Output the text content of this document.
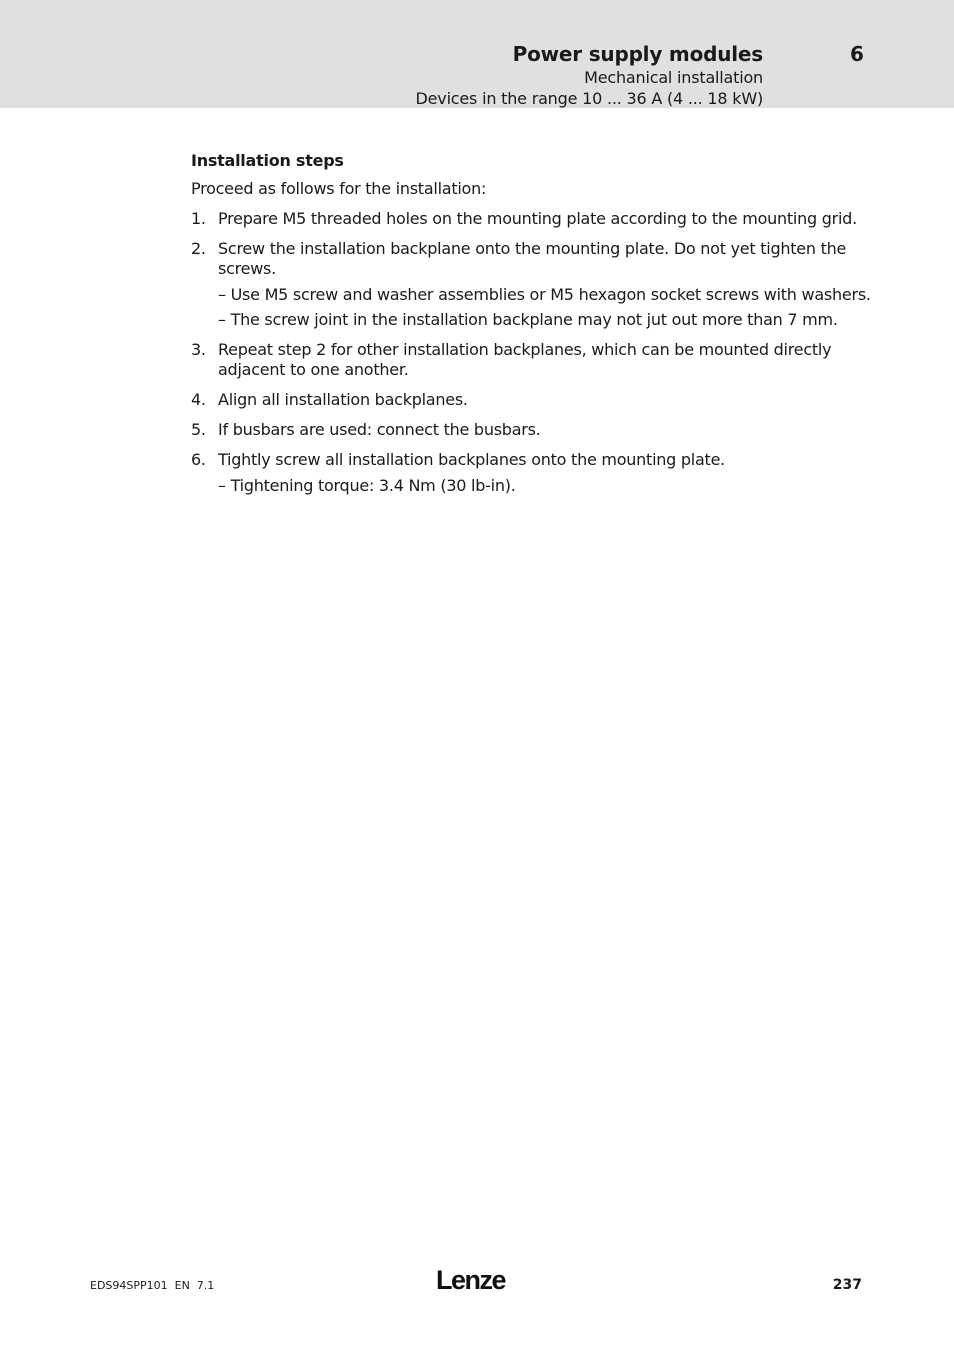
Power supply modules	6
Mechanical installation
Devices in the range 10 ... 36 A (4 ... 18 kW)
Installation steps
Proceed as follows for the installation:
1. Prepare M5 threaded holes on the mounting plate according to the mounting grid.
2. Screw the installation backplane onto the mounting plate. Do not yet tighten the screws.
– Use M5 screw and washer assemblies or M5 hexagon socket screws with washers.
– The screw joint in the installation backplane may not jut out more than 7 mm.
3. Repeat step 2 for other installation backplanes, which can be mounted directly adjacent to one another.
4. Align all installation backplanes.
5. If busbars are used: connect the busbars.
6. Tightly screw all installation backplanes onto the mounting plate.
– Tightening torque: 3.4 Nm (30 lb-in).
EDS94SPP101  EN  7.1	Lenze	237
